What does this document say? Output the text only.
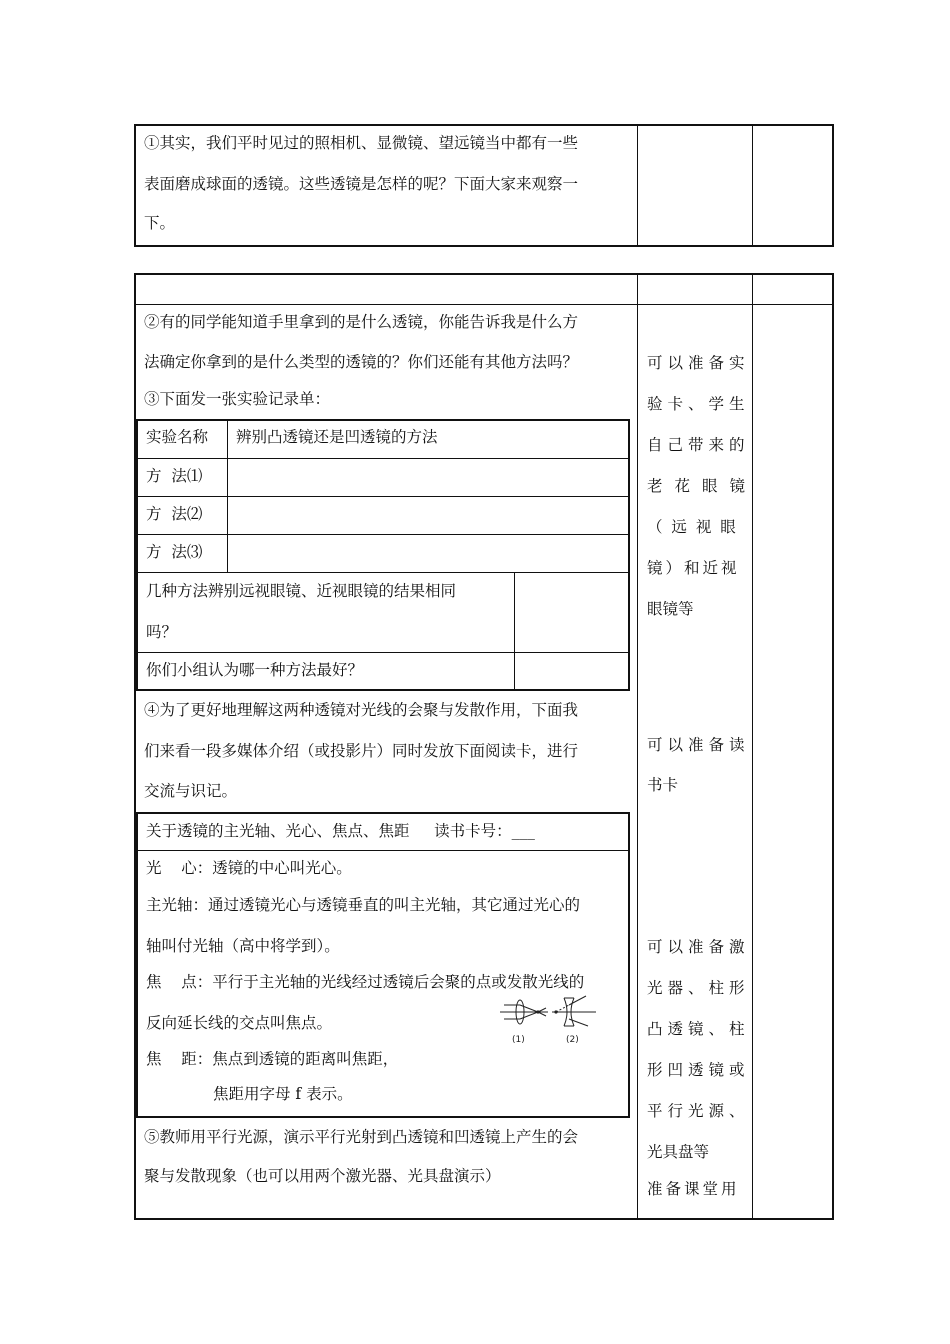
①其实，我们平时见过的照相机、显微镜、望远镜当中都有一些
表面磨成球面的透镜。这些透镜是怎样的呢？下面大家来观察一
下。
②有的同学能知道手里拿到的是什么透镜，你能告诉我是什么方
法确定你拿到的是什么类型的透镜的？你们还能有其他方法吗？
③下面发一张实验记录单：
实验名称 辨别凸透镜还是凹透镜的方法
方  法⑴
方  法⑵
方  法⑶
几种方法辨别远视眼镜、近视眼镜的结果相同
吗？
你们小组认为哪一种方法最好？
④为了更好地理解这两种透镜对光线的会聚与发散作用，下面我
们来看一段多媒体介绍（或投影片）同时发放下面阅读卡，进行
交流与识记。
关于透镜的主光轴、光心、焦点、焦距     读书卡号：___
光    心：透镜的中心叫光心。
主光轴：通过透镜光心与透镜垂直的叫主光轴，其它通过光心的
轴叫付光轴（高中将学到）。
焦    点：平行于主光轴的光线经过透镜后会聚的点或发散光线的
反向延长线的交点叫焦点。
焦    距：焦点到透镜的距离叫焦距，
焦距用字母 f 表示。
(1)	(2)
⑤教师用平行光源，演示平行光射到凸透镜和凹透镜上产生的会
聚与发散现象（也可以用两个激光器、光具盘演示）
可以准备实
验卡、学生
自己带来的
老花眼镜
（ 远 视 眼
镜）和近视
眼镜等
可以准备读
书卡
可以准备激
光器、柱形
凸透镜、柱
形凹透镜或
平行光源、
光具盘等
准备课堂用
